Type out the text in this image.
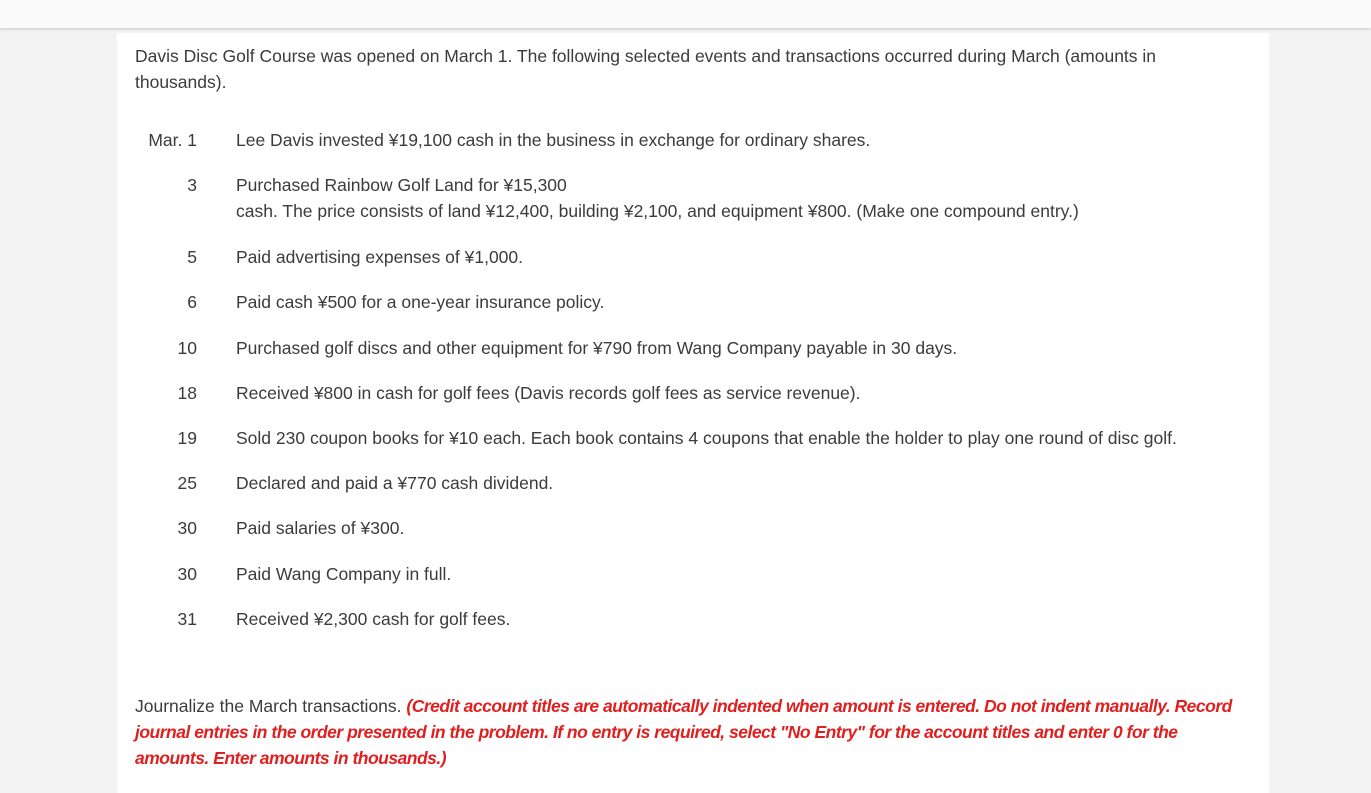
Davis Disc Golf Course was opened on March 1. The following selected events and transactions occurred during March (amounts in thousands).

Mar. 1 Lee Davis invested ¥19,100 cash in the business in exchange for ordinary shares.
3 Purchased Rainbow Golf Land for ¥15,300
cash. The price consists of land ¥12,400, building ¥2,100, and equipment ¥800. (Make one compound entry.)
5 Paid advertising expenses of ¥1,000.
6 Paid cash ¥500 for a one-year insurance policy.
10 Purchased golf discs and other equipment for ¥790 from Wang Company payable in 30 days.
18 Received ¥800 in cash for golf fees (Davis records golf fees as service revenue).
19 Sold 230 coupon books for ¥10 each. Each book contains 4 coupons that enable the holder to play one round of disc golf.
25 Declared and paid a ¥770 cash dividend.
30 Paid salaries of ¥300.
30 Paid Wang Company in full.
31 Received ¥2,300 cash for golf fees.

Journalize the March transactions. (Credit account titles are automatically indented when amount is entered. Do not indent manually. Record journal entries in the order presented in the problem. If no entry is required, select "No Entry" for the account titles and enter 0 for the amounts. Enter amounts in thousands.)
